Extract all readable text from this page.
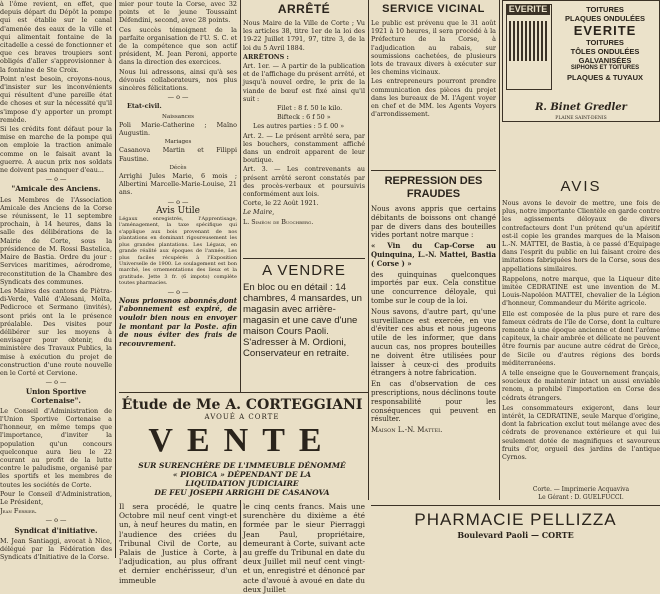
à l'ôme revient, en effet, que depuis départ du Dépôt la pompe qui est établie sur le canal d'amenée des eaux de la ville et qui alimentait fontaine de la citadelle a cessé de fonctionner et que ces braves troupiers sont obligés d'aller s'approvisionner à la fontaine de Ste Croix.

Point n'est besoin, croyons-nous, d'insister sur les inconvénients qui résultent d'une pareille état de choses et sur la nécessité qu'il s'impose d'y apporter un prompt remède.

Si les crédits font défaut pour la mise en marche de la pompe qui on emploie la traction animale comme on le faisait avant la guerre. A aucun prix nos soldats ne doivent pas manquer d'eau...

— o —
"Amicale des Anciens.

Les Membres de l'Association Amicale des Anciens de la Corse se réunissent, le 11 septembre prochain, à 14 heures, dans la salle des délibérations de la Mairie de Corte, sous la présidence de M. Rossi Bastelica, Maire de Bastia. Ordre du jour : Services maritimes, aérodrome, reconstitution de la Chambre des Syndicats des communes.

Les Maires des cantons de Piètra-di-Verde, Vallé d'Alesani, Moïta, Pedicroce et Sermano (invités), sont priés ont la le présence préalable. Des visites pour délibérer sur les moyens à envisager pour obtenir, du ministère des Travaux Publics, la mise à exécution du projet de construction d'une route nouvelle en le Corté et Cervione.

— o —
Union Sportive Cortenaise".

Le Conseil d'Administration de l'Union Sportive Cortenaise a l'honneur, en même temps que l'importance, d'inviter la population qu'un concours quelconque aura lieu le 22 courant au profit de la lutte contre le paludisme, organisé par les sportifs et les membres de toutes les sociétés de Corte.

Pour le Conseil d'Administration, Le Président,

Jean Ferrier.

— o —
Syndicat d'initiative.

M. Jean Santiaggi, avocat à Nice, délégué par la Fédération des Syndicats d'Initiative de la Corse.

mier pour toute la Corse, avec 32 points et le jeune Toussaint Défendini, second, avec 28 points.

Ces succès témoignent de la parfaite organisation de l'U. S. C. et de la compétence que son actif président, M. Jean Peroni, apporte dans la direction des exercices.

Nous lui adressons, ainsi qu'à ses dévoués collaborateurs, nos plus sincères félicitations.

— o —
Etat-civil.
Naissances

Poli Marie-Catherine ; Maïno Augustin.

Mariages

Casanova Martin et Filippi Faustine.

Décès

Arrighi Jules Marie, 6 mois ; Albertini Marcelle-Marie-Louise, 21 ans.

— o —
Avis Utile

Légaux enregistrés, l'Apprentisage, l'aménagement, la taxe spécifique qui s'applique aux bois provenant de nos plantations en dominant rigoureusement les plus grandes plantations. Les Légaux, en grande réalité aux époques de l'année, Les plus faciles récupérés à l'Exposition Universelle de 1900. Le soulagement est bon marché, les ornementations des lieux et la gratitude. Jette 3 fr. (6 impots) complète toutes pharmacies.

— o —

Nous prionsnos abonnés,dont l'abonnement est expiré, de vouloir bien nous en envoyer le montant par la Poste. afin de nous éviter des frais de recouvrement.

ARRÊTÉ

Nous Maire de la Ville de Corte ; Vu les articles 38, titre 1er de la loi des 19-22 Juillet 1791, 97, titre 3, de la loi du 5 Avril 1884.

ARRÊTONS :

Art. 1er. — A partir de la publication et de l'affichage du présent arrêté, et jusqu'à nouvel ordre, le prix de la viande de bœuf est fixé ainsi qu'il suit :

Filet : 8 f. 50 le kilo.

Bifteck : 6 f 50 »

Les autres parties : 5 f. 00 »

Art. 2. — Le présent arrêté sera, par les bouchers, constamment affiché dans un endroit apparent de leur boutique.

Art. 3. — Les contrevenants au présent arrêté seront constatés par des procès-verbaux et poursuivis conformément aux lois.

Corte, le 22 Août 1921.

Le Maire,

L. Siméon de Buochberg.

A VENDRE

En bloc ou en détail : 14 chambres, 4 mansardes, un magasin avec arrière-magasin et une cave d'une maison Cours Paoli. S'adresser à M. Ordioni, Conservateur en retraite.

SERVICE VICINAL

Le public est prévenu que le 31 août 1921 à 10 heures, il sera procédé à la Préfecture de la Corse, à l'adjudication au rabais, sur soumissions cachetées, de plusieurs lots de travaux divers à exécuter sur les chemins vicinaux.

Les entrepreneurs pourront prendre communication des pièces du projet dans les bureaux de M. l'Agent voyer en chef et de MM. les Agents Voyers d'arrondissement.

REPRESSION DES FRAUDES

Nous avons appris que certains débitants de boissons ont changé par de divers dans des bouteilles vides portant notre marque :

« Vin du Cap-Corse au Quinquina, L.-N. Mattei, Bastia ( Corse ) »

des quinquinas quelconques importés par eux. Cela constitue une concurrence déloyale, qui tombe sur le coup de la loi.

Nous savons, d'autre part, qu'une surveillance est exercée, en vue d'éviter ces abus et nous jugeons utile de les informer, que dans aucun cas, nos propres bouteilles ne doivent être utilisées pour laisser à ceux-ci des produits étrangers à notre fabrication.

En cas d'observation de ces prescriptions, nous déclinons toute responsabilité pour les conséquences qui peuvent en résulter.

Maison L.-N. Mattei.

EVERITE	TOITURES
PLAQUES ONDULÉES
EVERITE
TOITURES
TÔLES ONDULÉES
GALVANISÉES
SIPHONS ET TOITURES
PLAQUES & TUYAUX
R. Binet Gredler
PLAINE SAINT-DENIS
AVIS

Nous avons le devoir de mettre, une fois de plus, notre importante Clientèle en garde contre les agissements déloyaux de divers contrefacteurs dont l'un prétend qu'un apéritif est-il copie les grandes marques de la Maison L.-N. MATTEI, de Bastia, à ce passé d'Equipage dans l'esprit du public en lui faisant croire des imitations fabriquées hors de la Corse, sous des appellations similaires.

Rappelons, notre marque, que la Liqueur dite imitée CEDRATINE est une invention de M. Louis-Napoléon MATTEI, chevalier de la Légion d'honneur, Commandeur du Mérite agricole.

Elle est composée de la plus pure et rare des fameux cédrats de l'île de Corse, dont la culture remonte à une époque ancienne et dont l'arôme capiteux, la chair ambrée et délicate ne peuvent être fournis par aucune autre cédrat de Grèce, de Sicile ou d'autres régions des bords méditerranéens.

A telle enseigne que le Gouvernement français, soucieux de maintenir intact un aussi enviable renom, a prohibé l'importation en Corse des cédrats étrangers.

Les consommateurs exigeront, dans leur intérêt, la CEDRATINE, seule Marque d'origine, dont la fabrication exclut tout mélange avec des cédrats de provenance extérieure et qui lui seulement dotée de magnifiques et savoureux fruits d'or, orgueil des jardins de l'antique Cyrnos.

Corte. — Imprimerie Acquaviva
Le Gérant : D. GUELFUCCI.
Étude de Me A. CORTEGGIANI
AVOUÉ A CORTE
VENTE
SUR SURENCHÈRE DE L'IMMEUBLE DÉNOMMÉ
« PIOBICA » DÉPENDANT DE LA
LIQUIDATION JUDICIAIRE
DE FEU JOSEPH ARRIGHI DE CASANOVA
Il sera procédé, le quatre Octobre mil neuf cent vingt-et un, à neuf heures du matin, en l'audience des criées du Tribunal Civil de Corte, au Palais de Justice à Corte, à l'adjudication, au plus offrant et dernier enchérisseur, d'un immeuble
le cinq cents francs. Mais une surenchère du dixième a été formée par le sieur Pierraggi Jean Paul, propriétaire, demeurant à Corte, suivant acte au greffe du Tribunal en date du deux Juillet mil neuf cent vingt-et un, enregistré et dénoncé par acte d'avoué à avoué en date du deux Juillet
PHARMACIE PELLIZZA
Boulevard Paoli — CORTE
